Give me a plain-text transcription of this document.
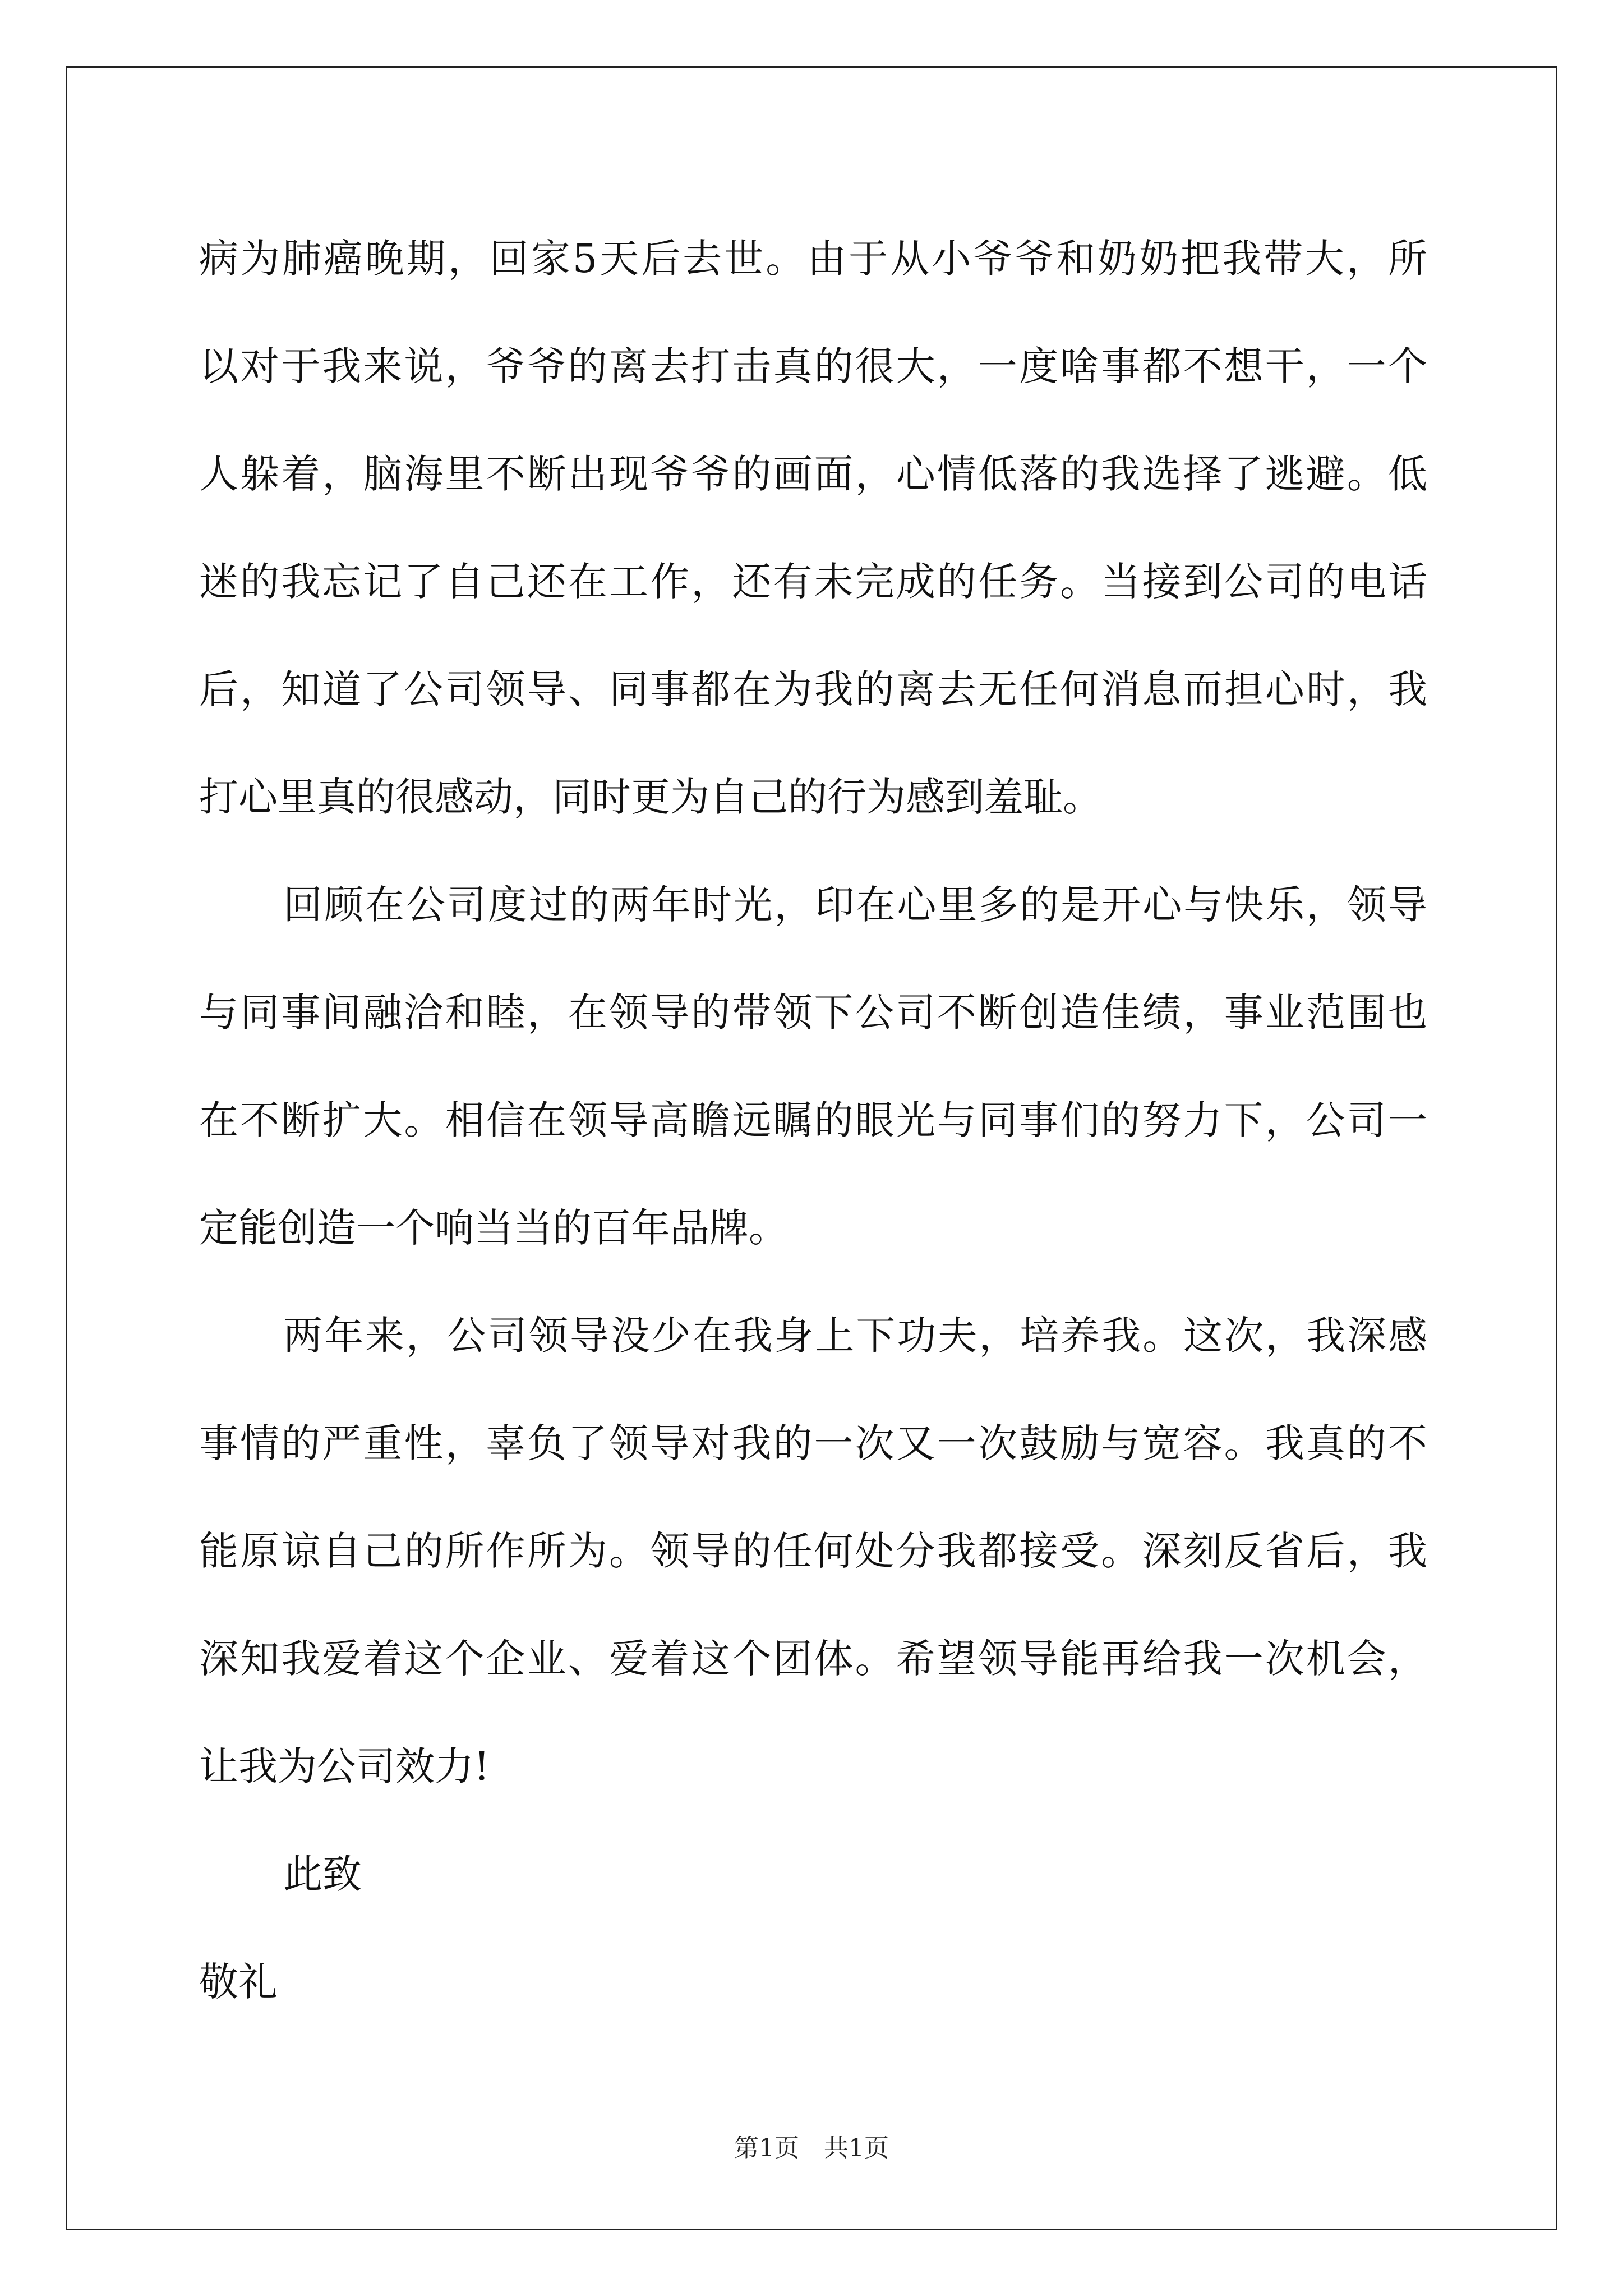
病为肺癌晚期，回家5天后去世。由于从小爷爷和奶奶把我带大，所
以对于我来说，爷爷的离去打击真的很大，一度啥事都不想干，一个
人躲着，脑海里不断出现爷爷的画面，心情低落的我选择了逃避。低
迷的我忘记了自己还在工作，还有未完成的任务。当接到公司的电话
后，知道了公司领导、同事都在为我的离去无任何消息而担心时，我
打心里真的很感动，同时更为自己的行为感到羞耻。
回顾在公司度过的两年时光，印在心里多的是开心与快乐，领导
与同事间融洽和睦，在领导的带领下公司不断创造佳绩，事业范围也
在不断扩大。相信在领导高瞻远瞩的眼光与同事们的努力下，公司一
定能创造一个响当当的百年品牌。
两年来，公司领导没少在我身上下功夫，培养我。这次，我深感
事情的严重性，辜负了领导对我的一次又一次鼓励与宽容。我真的不
能原谅自己的所作所为。领导的任何处分我都接受。深刻反省后，我
深知我爱着这个企业、爱着这个团体。希望领导能再给我一次机会，
让我为公司效力!

此致

敬礼

第1页　共1页
